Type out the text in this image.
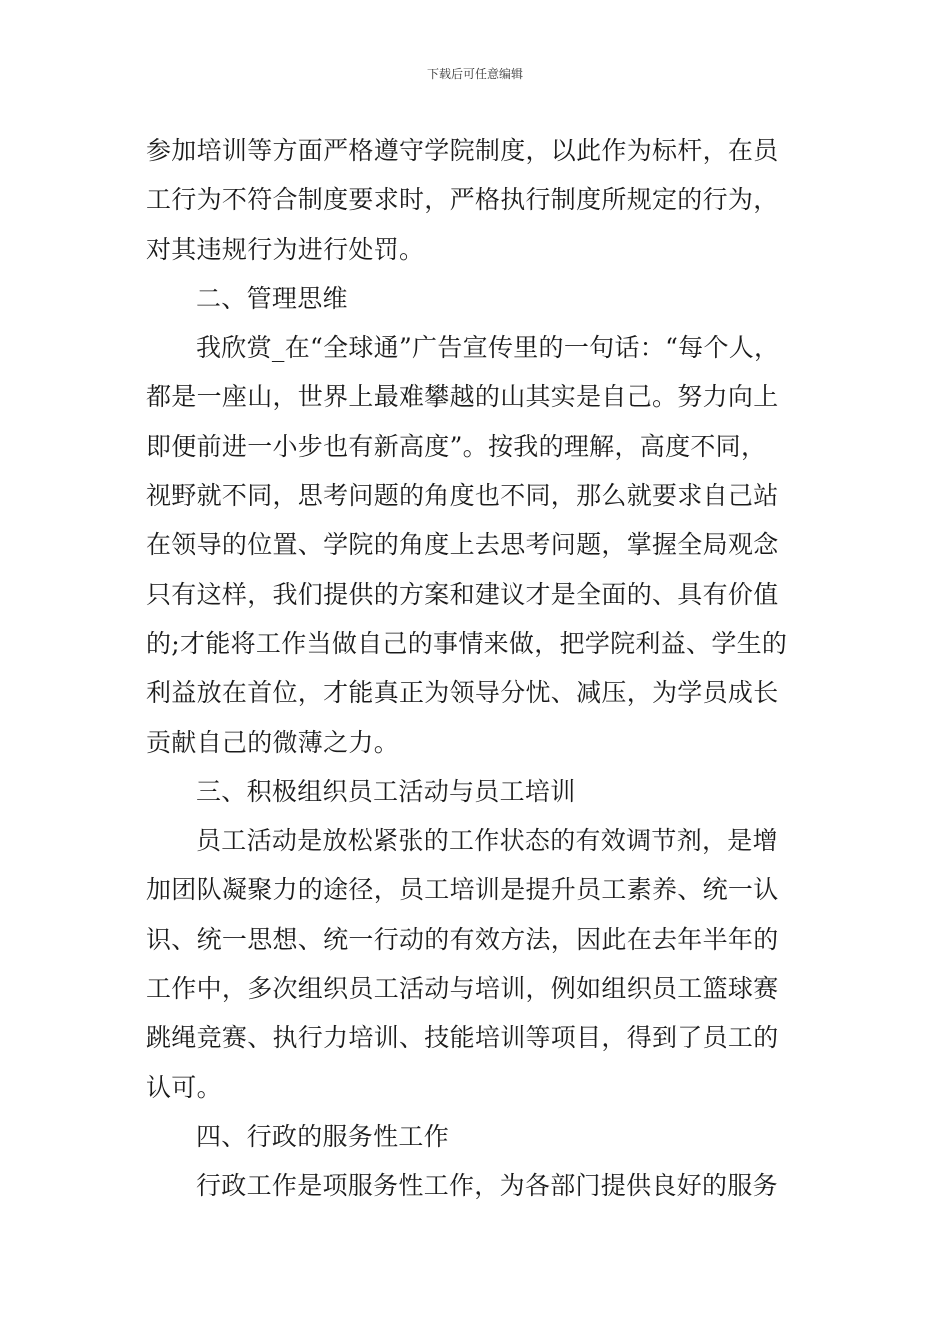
下载后可任意编辑
参加培训等方面严格遵守学院制度，以此作为标杆，在员
工行为不符合制度要求时，严格执行制度所规定的行为，
对其违规行为进行处罚。
二、管理思维
我欣赏_在“全球通”广告宣传里的一句话：“每个人，
都是一座山，世界上最难攀越的山其实是自己。努力向上
即便前进一小步也有新高度”。按我的理解，高度不同，
视野就不同，思考问题的角度也不同，那么就要求自己站
在领导的位置、学院的角度上去思考问题，掌握全局观念
只有这样，我们提供的方案和建议才是全面的、具有价值
的;才能将工作当做自己的事情来做，把学院利益、学生的
利益放在首位，才能真正为领导分忧、减压，为学员成长
贡献自己的微薄之力。
三、积极组织员工活动与员工培训
员工活动是放松紧张的工作状态的有效调节剂，是增
加团队凝聚力的途径，员工培训是提升员工素养、统一认
识、统一思想、统一行动的有效方法，因此在去年半年的
工作中，多次组织员工活动与培训，例如组织员工篮球赛
跳绳竞赛、执行力培训、技能培训等项目，得到了员工的
认可。
四、行政的服务性工作
行政工作是项服务性工作，为各部门提供良好的服务
